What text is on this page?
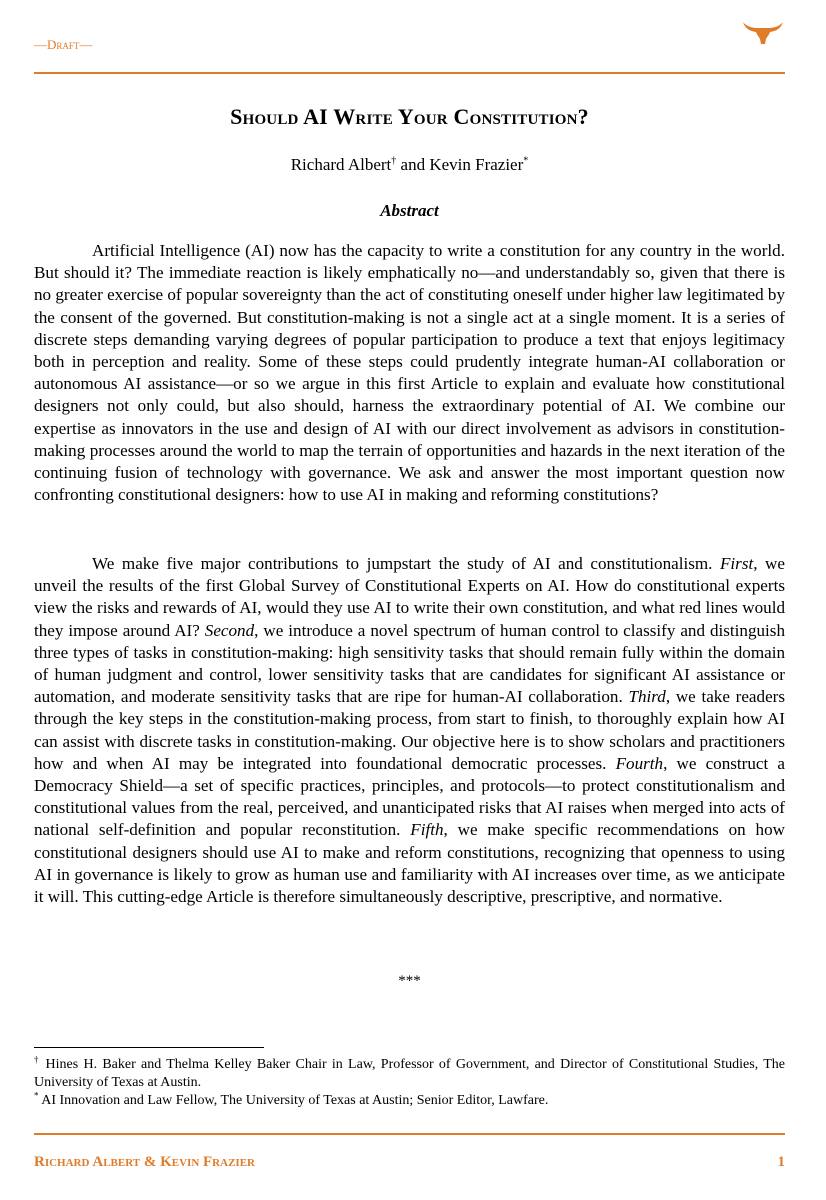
—Draft—
Should AI Write Your Constitution?
Richard Albert† and Kevin Frazier*
Abstract

Artificial Intelligence (AI) now has the capacity to write a constitution for any country in the world. But should it? The immediate reaction is likely emphatically no—and understandably so, given that there is no greater exercise of popular sovereignty than the act of constituting oneself under higher law legitimated by the consent of the governed. But constitution-making is not a single act at a single moment. It is a series of discrete steps demanding varying degrees of popular participation to produce a text that enjoys legitimacy both in perception and reality. Some of these steps could prudently integrate human-AI collaboration or autonomous AI assistance—or so we argue in this first Article to explain and evaluate how constitutional designers not only could, but also should, harness the extraordinary potential of AI. We combine our expertise as innovators in the use and design of AI with our direct involvement as advisors in constitution-making processes around the world to map the terrain of opportunities and hazards in the next iteration of the continuing fusion of technology with governance. We ask and answer the most important question now confronting constitutional designers: how to use AI in making and reforming constitutions?

We make five major contributions to jumpstart the study of AI and constitutionalism. First, we unveil the results of the first Global Survey of Constitutional Experts on AI. How do constitutional experts view the risks and rewards of AI, would they use AI to write their own constitution, and what red lines would they impose around AI? Second, we introduce a novel spectrum of human control to classify and distinguish three types of tasks in constitution-making: high sensitivity tasks that should remain fully within the domain of human judgment and control, lower sensitivity tasks that are candidates for significant AI assistance or automation, and moderate sensitivity tasks that are ripe for human-AI collaboration. Third, we take readers through the key steps in the constitution-making process, from start to finish, to thoroughly explain how AI can assist with discrete tasks in constitution-making. Our objective here is to show scholars and practitioners how and when AI may be integrated into foundational democratic processes. Fourth, we construct a Democracy Shield—a set of specific practices, principles, and protocols—to protect constitutionalism and constitutional values from the real, perceived, and unanticipated risks that AI raises when merged into acts of national self-definition and popular reconstitution. Fifth, we make specific recommendations on how constitutional designers should use AI to make and reform constitutions, recognizing that openness to using AI in governance is likely to grow as human use and familiarity with AI increases over time, as we anticipate it will. This cutting-edge Article is therefore simultaneously descriptive, prescriptive, and normative.

***

† Hines H. Baker and Thelma Kelley Baker Chair in Law, Professor of Government, and Director of Constitutional Studies, The University of Texas at Austin.

* AI Innovation and Law Fellow, The University of Texas at Austin; Senior Editor, Lawfare.

Richard Albert & Kevin Frazier	1
